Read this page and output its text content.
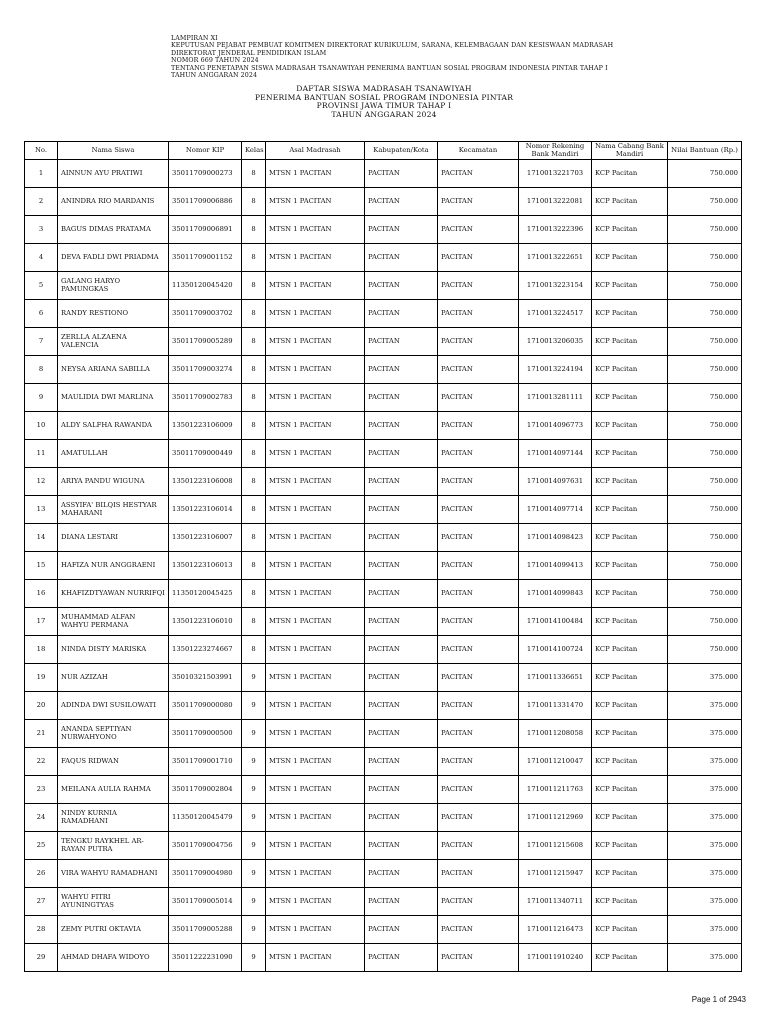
LAMPIRAN XI
KEPUTUSAN PEJABAT PEMBUAT KOMITMEN DIREKTORAT KURIKULUM, SARANA, KELEMBAGAAN DAN KESISWAAN MADRASAH
DIREKTORAT JENDERAL PENDIDIKAN ISLAM
NOMOR 669 TAHUN 2024
TENTANG PENETAPAN SISWA MADRASAH TSANAWIYAH PENERIMA BANTUAN SOSIAL PROGRAM INDONESIA PINTAR TAHAP I
TAHUN ANGGARAN 2024
DAFTAR SISWA MADRASAH TSANAWIYAH
PENERIMA BANTUAN SOSIAL PROGRAM INDONESIA PINTAR
PROVINSI JAWA TIMUR TAHAP I
TAHUN ANGGARAN 2024
No.	Nama Siswa	Nomor KIP	Kelas	Asal Madrasah	Kabupaten/Kota	Kecamatan	Nomor Rekening Bank Mandiri	Nama Cabang Bank Mandiri	Nilai Bantuan (Rp.)
1	AINNUN AYU PRATIWI	35011709000273	8	MTSN 1 PACITAN	PACITAN	PACITAN	1710013221703	KCP Pacitan	750.000
2	ANINDRA RIO MARDANIS	35011709006886	8	MTSN 1 PACITAN	PACITAN	PACITAN	1710013222081	KCP Pacitan	750.000
3	BAGUS DIMAS PRATAMA	35011709006891	8	MTSN 1 PACITAN	PACITAN	PACITAN	1710013222396	KCP Pacitan	750.000
4	DEVA FADLI DWI PRIADMA	35011709001152	8	MTSN 1 PACITAN	PACITAN	PACITAN	1710013222651	KCP Pacitan	750.000
5	GALANG HARYO PAMUNGKAS	11350120045420	8	MTSN 1 PACITAN	PACITAN	PACITAN	1710013223154	KCP Pacitan	750.000
6	RANDY RESTIONO	35011709003702	8	MTSN 1 PACITAN	PACITAN	PACITAN	1710013224517	KCP Pacitan	750.000
7	ZERLLA ALZAENA VALENCIA	35011709005289	8	MTSN 1 PACITAN	PACITAN	PACITAN	1710013206035	KCP Pacitan	750.000
8	NEYSA ARIANA SABILLA	35011709003274	8	MTSN 1 PACITAN	PACITAN	PACITAN	1710013224194	KCP Pacitan	750.000
9	MAULIDIA DWI MARLINA	35011709002783	8	MTSN 1 PACITAN	PACITAN	PACITAN	1710013281111	KCP Pacitan	750.000
10	ALDY SALFHA RAWANDA	13501223106009	8	MTSN 1 PACITAN	PACITAN	PACITAN	1710014096773	KCP Pacitan	750.000
11	AMATULLAH	35011709000449	8	MTSN 1 PACITAN	PACITAN	PACITAN	1710014097144	KCP Pacitan	750.000
12	ARIYA PANDU WIGUNA	13501223106008	8	MTSN 1 PACITAN	PACITAN	PACITAN	1710014097631	KCP Pacitan	750.000
13	ASSYIFA' BILQIS HESTYAR MAHARANI	13501223106014	8	MTSN 1 PACITAN	PACITAN	PACITAN	1710014097714	KCP Pacitan	750.000
14	DIANA LESTARI	13501223106007	8	MTSN 1 PACITAN	PACITAN	PACITAN	1710014098423	KCP Pacitan	750.000
15	HAFIZA NUR ANGGRAENI	13501223106013	8	MTSN 1 PACITAN	PACITAN	PACITAN	1710014099413	KCP Pacitan	750.000
16	KHAFIZDTYAWAN NURRIFQI	11350120045425	8	MTSN 1 PACITAN	PACITAN	PACITAN	1710014099843	KCP Pacitan	750.000
17	MUHAMMAD ALFAN WAHYU PERMANA	13501223106010	8	MTSN 1 PACITAN	PACITAN	PACITAN	1710014100484	KCP Pacitan	750.000
18	NINDA DISTY MARISKA	13501223274667	8	MTSN 1 PACITAN	PACITAN	PACITAN	1710014100724	KCP Pacitan	750.000
19	NUR AZIZAH	35010321503991	9	MTSN 1 PACITAN	PACITAN	PACITAN	1710011336651	KCP Pacitan	375.000
20	ADINDA DWI SUSILOWATI	35011709000080	9	MTSN 1 PACITAN	PACITAN	PACITAN	1710011331470	KCP Pacitan	375.000
21	ANANDA SEPTIYAN NURWAHYONO	35011709000500	9	MTSN 1 PACITAN	PACITAN	PACITAN	1710011208058	KCP Pacitan	375.000
22	FAQUS RIDWAN	35011709001710	9	MTSN 1 PACITAN	PACITAN	PACITAN	1710011210047	KCP Pacitan	375.000
23	MEILANA AULIA RAHMA	35011709002804	9	MTSN 1 PACITAN	PACITAN	PACITAN	1710011211763	KCP Pacitan	375.000
24	NINDY KURNIA RAMADHANI	11350120045479	9	MTSN 1 PACITAN	PACITAN	PACITAN	1710011212969	KCP Pacitan	375.000
25	TENGKU RAYKHEL AR-RAYAN PUTRA	35011709004756	9	MTSN 1 PACITAN	PACITAN	PACITAN	1710011215608	KCP Pacitan	375.000
26	VIRA WAHYU RAMADHANI	35011709004980	9	MTSN 1 PACITAN	PACITAN	PACITAN	1710011215947	KCP Pacitan	375.000
27	WAHYU FITRI AYUNINGTYAS	35011709005014	9	MTSN 1 PACITAN	PACITAN	PACITAN	1710011340711	KCP Pacitan	375.000
28	ZEMY PUTRI OKTAVIA	35011709005288	9	MTSN 1 PACITAN	PACITAN	PACITAN	1710011216473	KCP Pacitan	375.000
29	AHMAD DHAFA WIDOYO	35011222231090	9	MTSN 1 PACITAN	PACITAN	PACITAN	1710011910240	KCP Pacitan	375.000
Page 1 of 2943
